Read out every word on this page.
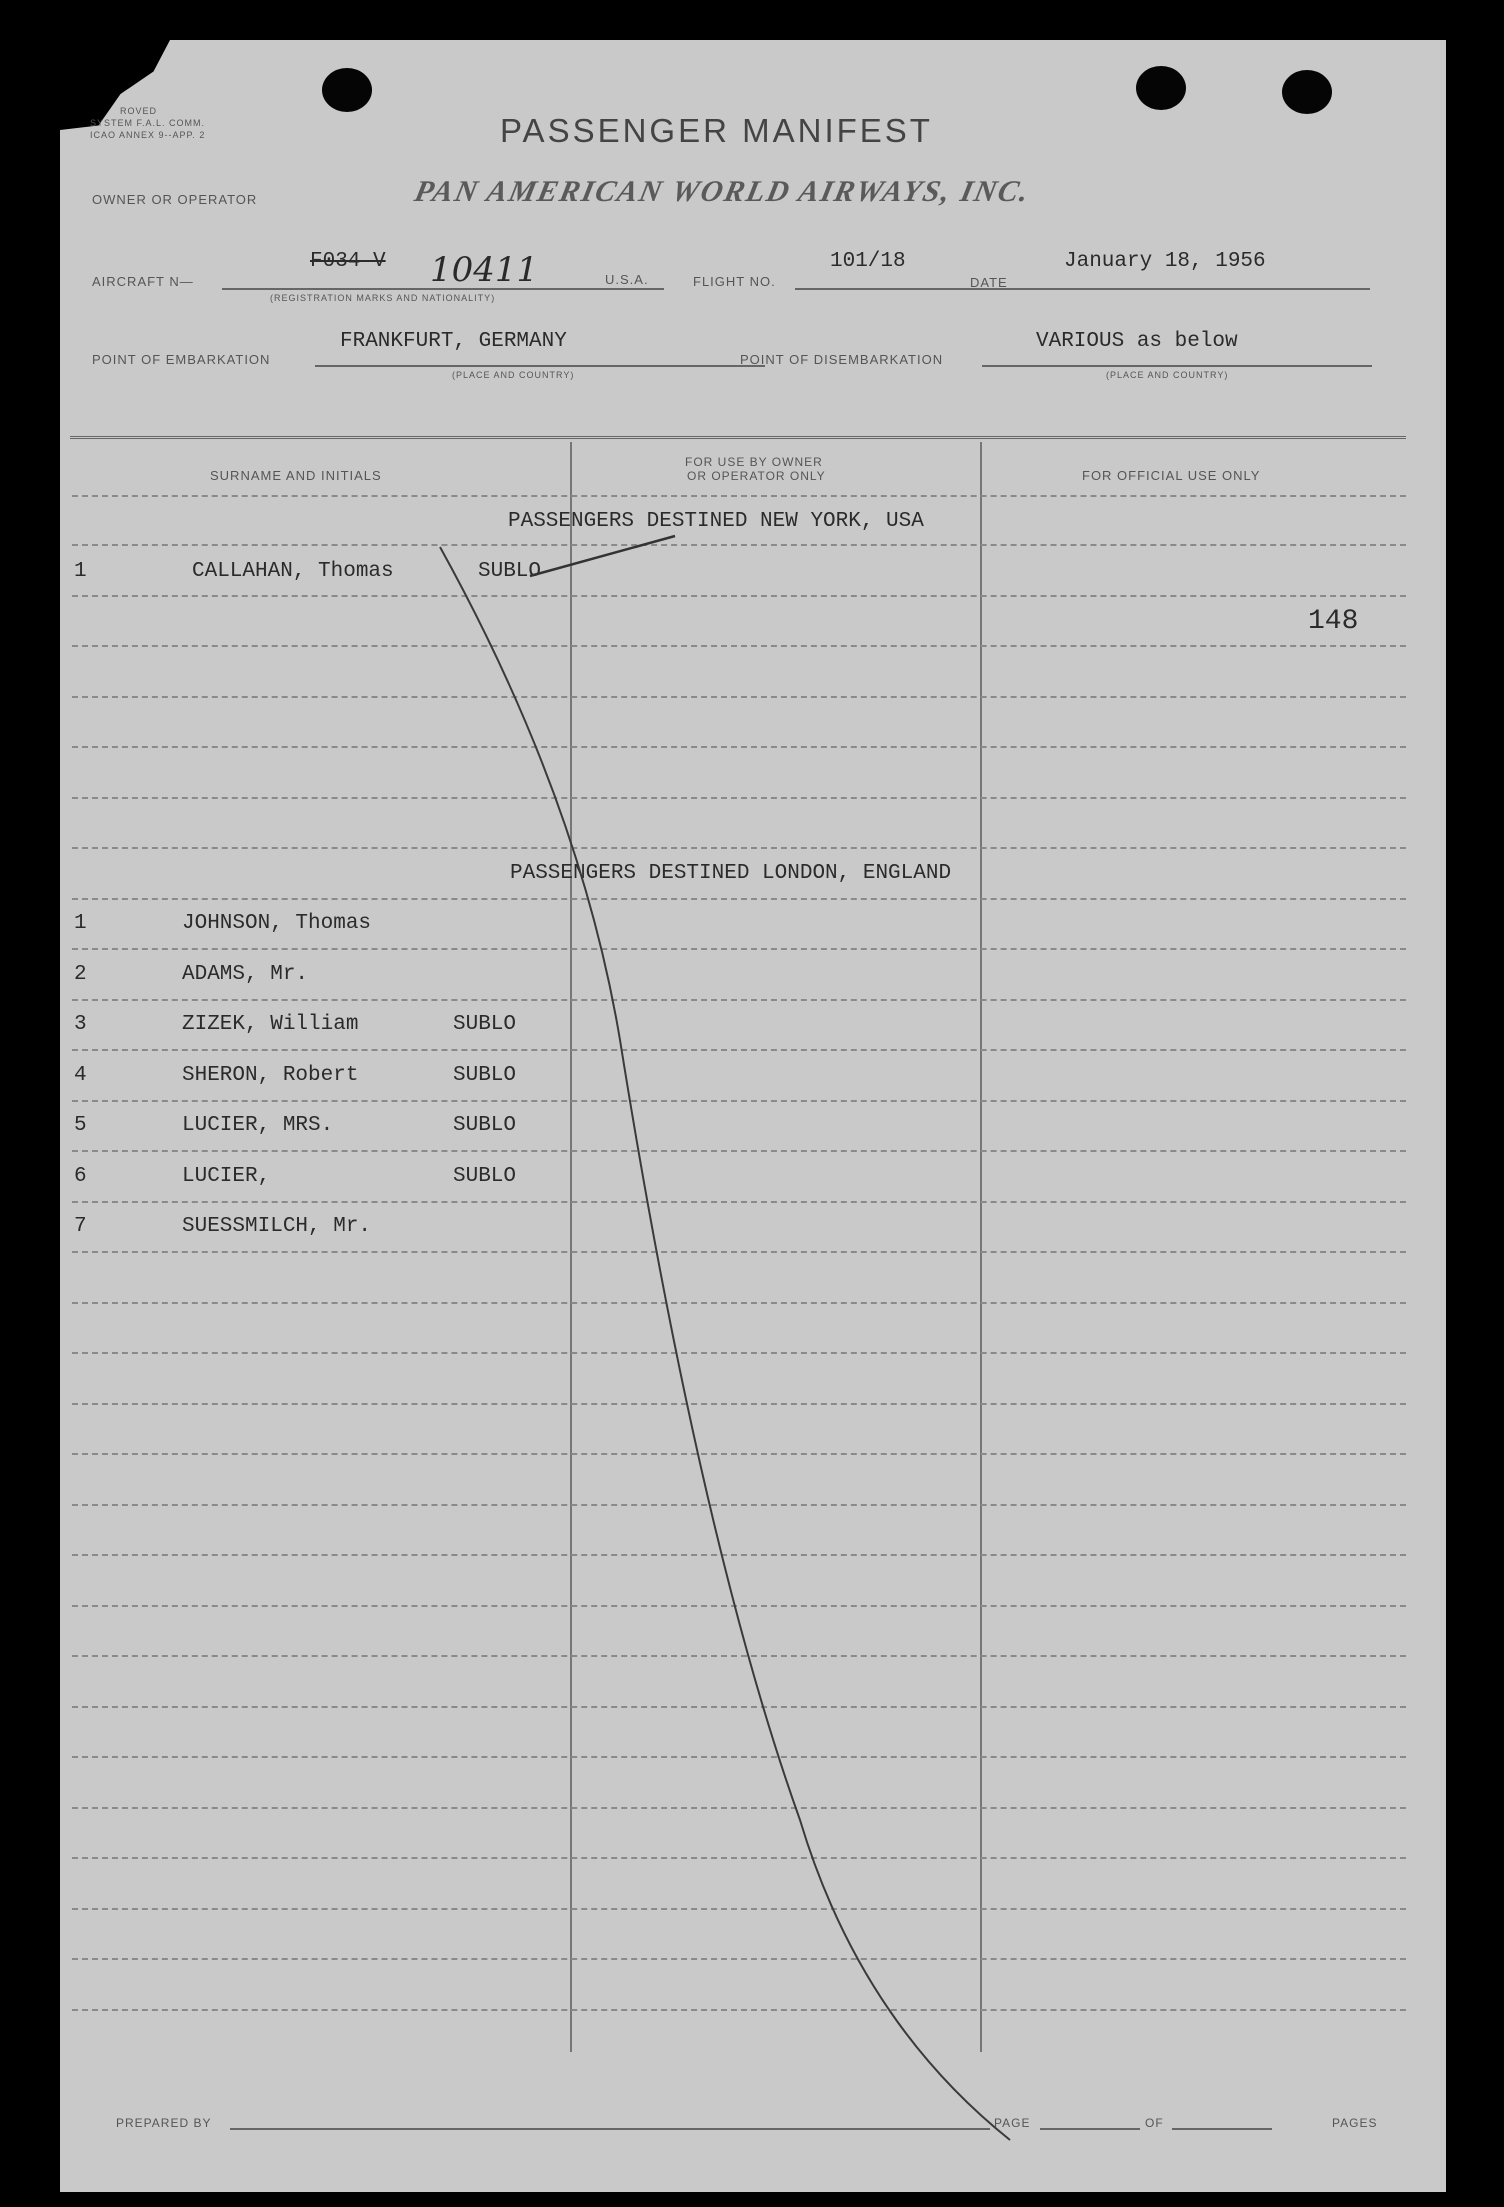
ROVED
SYSTEM F.A.L. COMM.
ICAO ANNEX 9--APP. 2	PASSENGER MANIFEST
OWNER OR OPERATOR	PAN AMERICAN WORLD AIRWAYS, INC.
AIRCRAFT N—
F034 V 10411
(REGISTRATION MARKS AND NATIONALITY)
U.S.A.	FLIGHT NO.
101/18
DATE
January 18, 1956
POINT OF EMBARKATION
FRANKFURT, GERMANY
(PLACE AND COUNTRY)
POINT OF DISEMBARKATION
VARIOUS as below
(PLACE AND COUNTRY)
SURNAME AND INITIALS
FOR USE BY OWNER
OR OPERATOR ONLY	FOR OFFICIAL USE ONLY
PASSENGERS DESTINED NEW YORK, USA
1	CALLAHAN, Thomas	SUBLO
148
PASSENGERS DESTINED LONDON, ENGLAND
1	JOHNSON, Thomas
2	ADAMS, Mr.
3	ZIZEK, William	SUBLO
4	SHERON, Robert	SUBLO
5	LUCIER, MRS.	SUBLO
6	LUCIER,	SUBLO
7	SUESSMILCH, Mr.
PREPARED BY	PAGE	OF	PAGES
